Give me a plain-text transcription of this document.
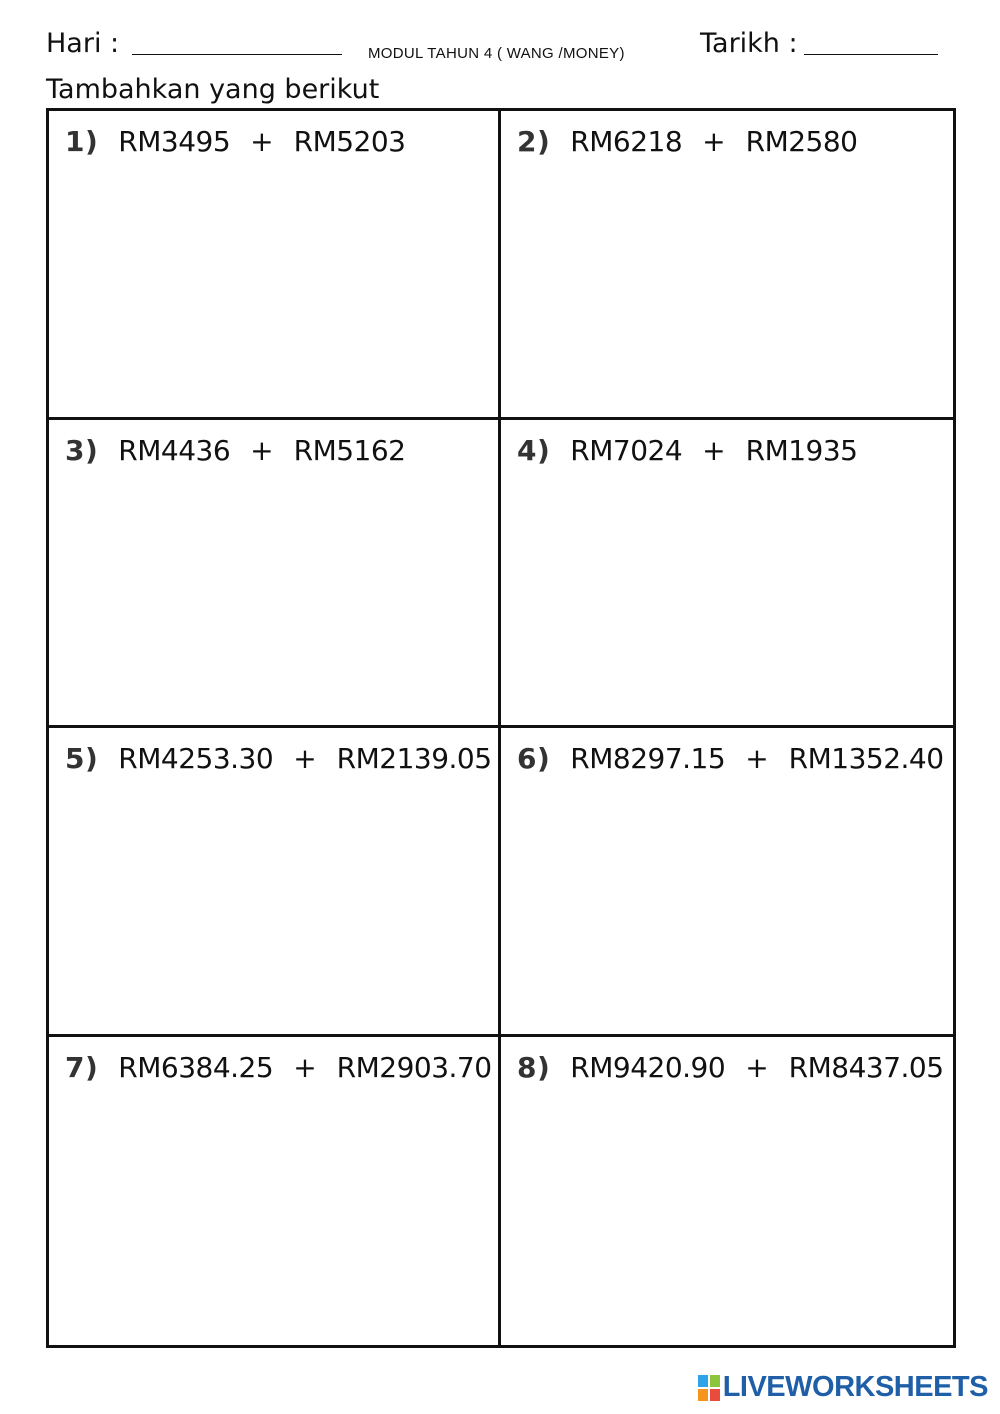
Hari :	MODUL TAHUN 4 ( WANG /MONEY)	Tarikh :
Tambahkan yang berikut
1) RM3495 + RM5203	2) RM6218 + RM2580
3) RM4436 + RM5162	4) RM7024 + RM1935
5) RM4253.30 + RM2139.05 6) RM8297.15 + RM1352.40
7) RM6384.25 + RM2903.70 8) RM9420.90 + RM8437.05
LIVEWORKSHEETS
